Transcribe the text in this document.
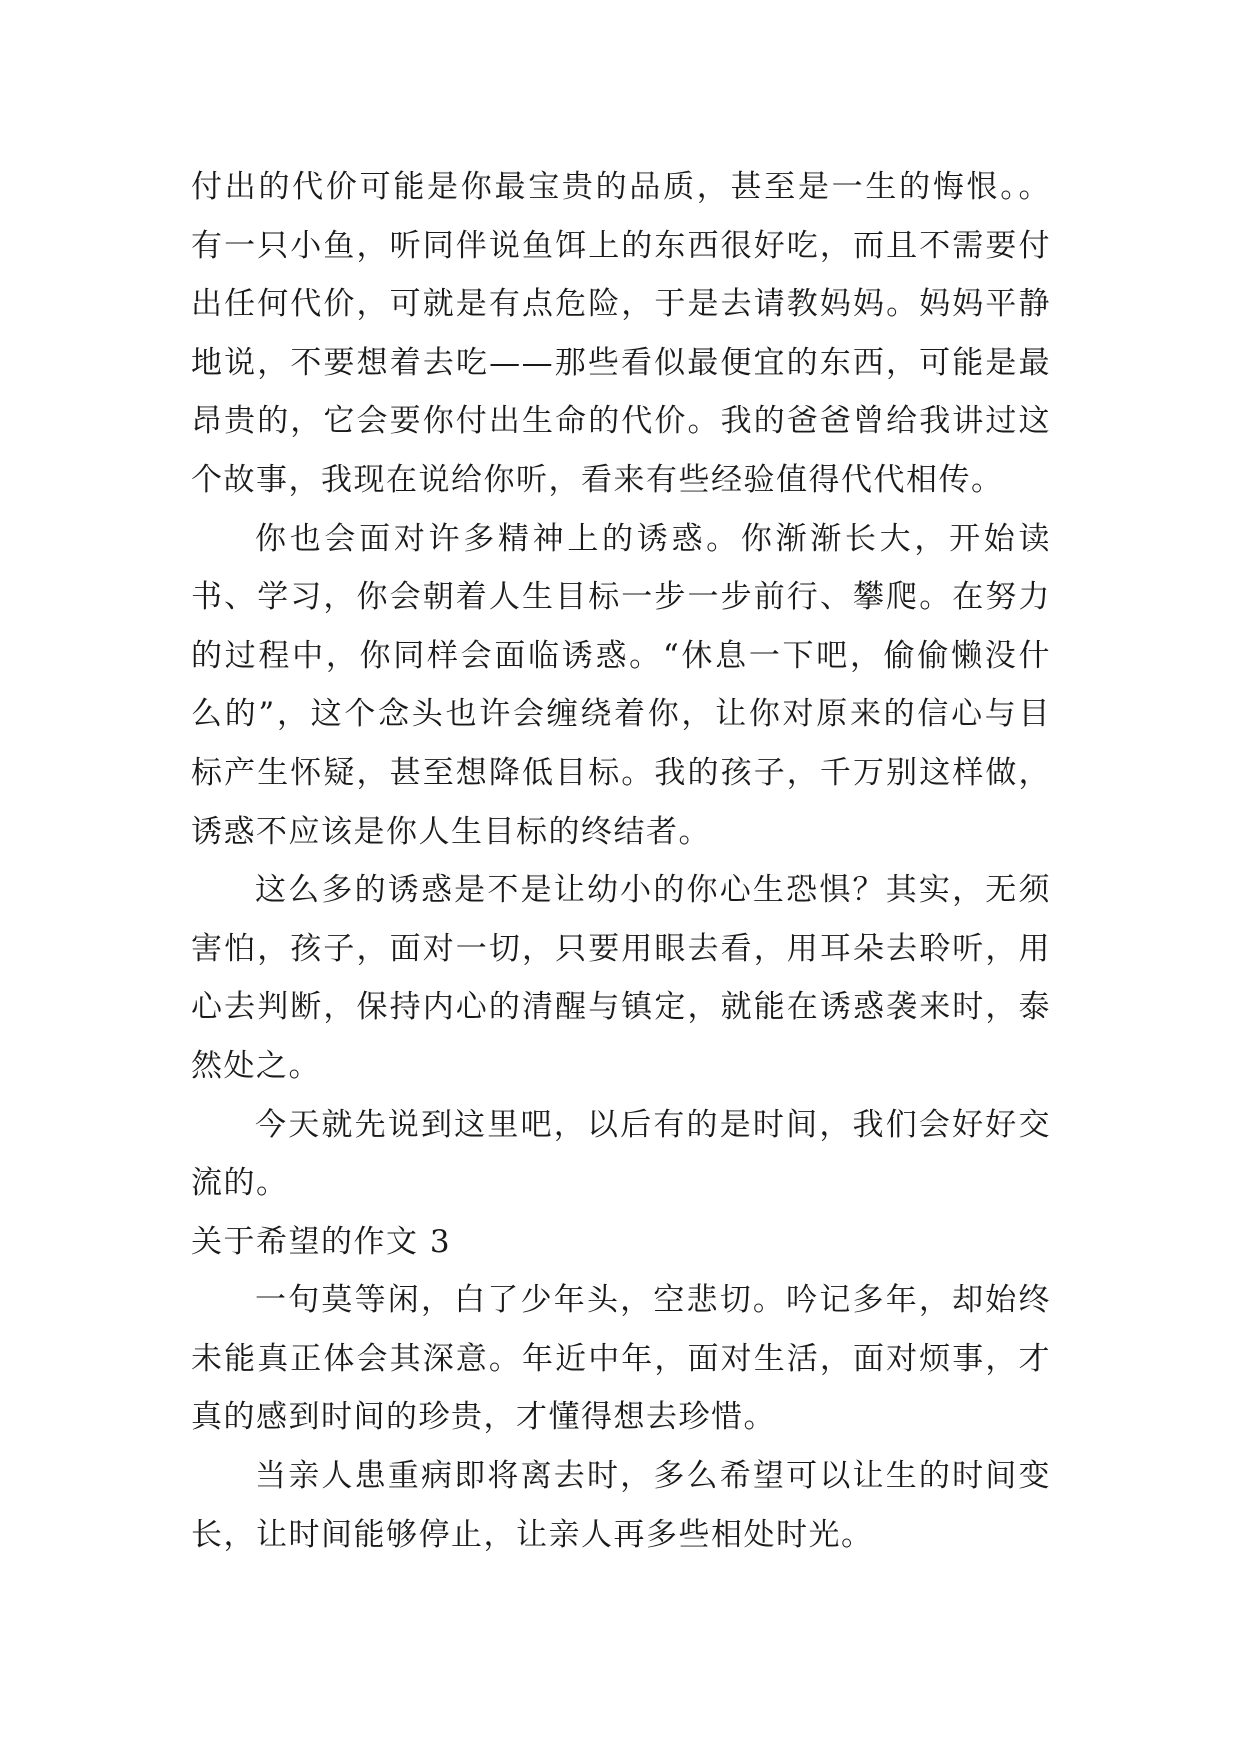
付出的代价可能是你最宝贵的品质，甚至是一生的悔恨。。有一只小鱼，听同伴说鱼饵上的东西很好吃，而且不需要付出任何代价，可就是有点危险，于是去请教妈妈。妈妈平静地说，不要想着去吃——那些看似最便宜的东西，可能是最昂贵的，它会要你付出生命的代价。我的爸爸曾给我讲过这个故事，我现在说给你听，看来有些经验值得代代相传。

你也会面对许多精神上的诱惑。你渐渐长大，开始读书、学习，你会朝着人生目标一步一步前行、攀爬。在努力的过程中，你同样会面临诱惑。“休息一下吧，偷偷懒没什么的”，这个念头也许会缠绕着你，让你对原来的信心与目标产生怀疑，甚至想降低目标。我的孩子，千万别这样做，诱惑不应该是你人生目标的终结者。

这么多的诱惑是不是让幼小的你心生恐惧？其实，无须害怕，孩子，面对一切，只要用眼去看，用耳朵去聆听，用心去判断，保持内心的清醒与镇定，就能在诱惑袭来时，泰然处之。

今天就先说到这里吧，以后有的是时间，我们会好好交流的。

关于希望的作文 3

一句莫等闲，白了少年头，空悲切。吟记多年，却始终未能真正体会其深意。年近中年，面对生活，面对烦事，才真的感到时间的珍贵，才懂得想去珍惜。

当亲人患重病即将离去时，多么希望可以让生的时间变长，让时间能够停止，让亲人再多些相处时光。
